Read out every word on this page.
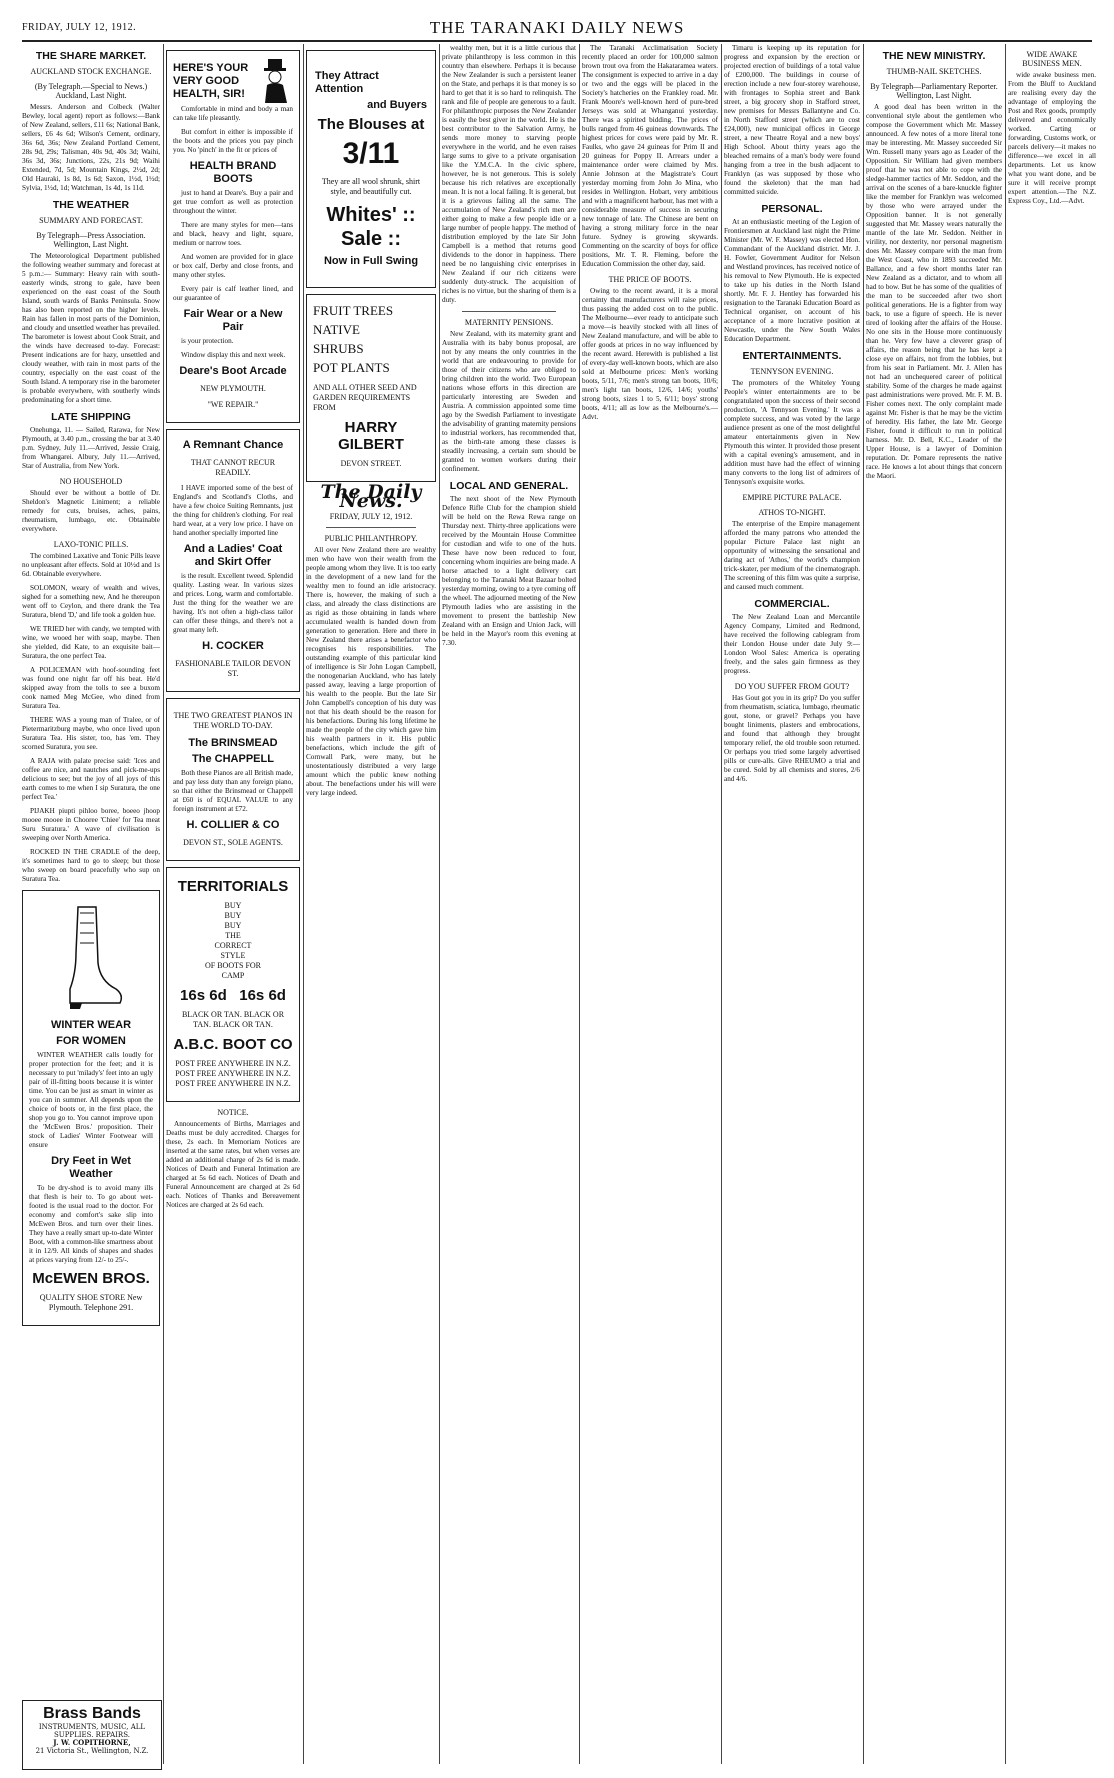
FRIDAY, JULY 12, 1912.	THE TARANAKI DAILY NEWS
THE SHARE MARKET.
AUCKLAND STOCK EXCHANGE.
(By Telegraph.—Special to News.) Auckland, Last Night.

Messrs. Anderson and Colbeck (Walter Bewley, local agent) report as follows:—Bank of New Zealand, sellers, £11 6s; National Bank, sellers, £6 4s 6d; Wilson's Cement, ordinary, 36s 6d, 36s; New Zealand Portland Cement, 28s 9d, 29s; Talisman, 40s 9d, 40s 3d; Waihi, 36s 3d, 36s; Junctions, 22s, 21s 9d; Waihi Extended, 7d, 5d; Mountain Kings, 2½d, 2d; Old Hauraki, 1s 8d, 1s 6d; Saxon, 1½d, 1½d; Sylvia, 1½d, 1d; Watchman, 1s 4d, 1s 11d.

THE WEATHER
SUMMARY AND FORECAST.
By Telegraph—Press Association. Wellington, Last Night.

The Meteorological Department published the following weather summary and forecast at 5 p.m.:— Summary: Heavy rain with south-easterly winds, strong to gale, have been experienced on the east coast of the South Island, south wards of Banks Peninsula. Snow has also been reported on the higher levels. Rain has fallen in most parts of the Dominion, and cloudy and unsettled weather has prevailed. The barometer is lowest about Cook Strait, and the winds have decreased to-day. Forecast: Present indications are for hazy, unsettled and cloudy weather, with rain in most parts of the country, especially on the east coast of the South Island. A temporary rise in the barometer is probable everywhere, with southerly winds predominating for a short time.

LATE SHIPPING

Onehunga, 11. — Sailed, Rarawa, for New Plymouth, at 3.40 p.m., crossing the bar at 3.40 p.m. Sydney, July 11.—Arrived, Jessie Craig, from Whangarei. Albury, July 11.—Arrived, Star of Australia, from New York.

NO HOUSEHOLD

Should ever be without a bottle of Dr. Sheldon's Magnetic Liniment; a reliable remedy for cuts, bruises, aches, pains, rheumatism, lumbago, etc. Obtainable everywhere.

LAXO-TONIC PILLS.

The combined Laxative and Tonic Pills leave no unpleasant after effects. Sold at 10½d and 1s 6d. Obtainable everywhere.

SOLOMON, weary of wealth and wives, sighed for a something new, And he thereupon went off to Ceylon, and there drank the Tea Suratura, blend 'D,' and life took a golden hue.

WE TRIED her with candy, we tempted with wine, we wooed her with soap, maybe. Then she yielded, did Kate, to an exquisite bait—Suratura, the one perfect Tea.

A POLICEMAN with hoof-sounding feet was found one night far off his beat. He'd skipped away from the tolls to see a buxom cook named Meg McGee, who dined from Suratura Tea.

THERE WAS a young man of Tralee, or of Pietermaritzburg maybe, who once lived upon Suratura Tea. His sister, too, has 'em. They scorned Suratura, you see.

A RAJA with palate precise said: 'Ices and coffee are nice, and nautches and pick-me-ups delicious to see; but the joy of all joys of this earth comes to me when I sip Suratura, the one perfect Tea.'

PIJAKH piupti pihloo boree, boeeo jhoop mooee mooee in Chooree 'Chiee' for Tea meat Suru Suratura.' A wave of civilisation is sweeping over North America.

ROCKED IN THE CRADLE of the deep, it's sometimes hard to go to sleep; but those who sweep on board peacefully who sup on Suratura Tea.

WINTER WEAR
FOR WOMEN

WINTER WEATHER calls loudly for proper protection for the feet; and it is necessary to put 'milady's' feet into an ugly pair of ill-fitting boots because it is winter time. You can be just as smart in winter as you can in summer. All depends upon the choice of boots or, in the first place, the shop you go to. You cannot improve upon the 'McEwen Bros.' proposition. Their stock of Ladies' Winter Footwear will ensure

Dry Feet in Wet Weather

To be dry-shod is to avoid many ills that flesh is heir to. To go about wet-footed is the usual road to the doctor. For economy and comfort's sake slip into McEwen Bros. and turn over their lines. They have a really smart up-to-date Winter Boot, with a common-like smartness about it in 12/9. All kinds of shapes and shades at prices varying from 12/- to 25/-.

McEWEN BROS.
QUALITY SHOE STORE New Plymouth. Telephone 291.
Brass Bands
INSTRUMENTS, MUSIC, ALL SUPPLIES. REPAIRS.
J. W. COPITHORNE,
21 Victoria St., Wellington, N.Z.
HERE'S YOUR VERY GOOD HEALTH, SIR!

Comfortable in mind and body a man can take life pleasantly.

But comfort in either is impossible if the boots and the prices you pay pinch you. No 'pinch' in the fit or prices of

HEALTH BRAND BOOTS

just to hand at Deare's. Buy a pair and get true comfort as well as protection throughout the winter.

There are many styles for men—tans and black, heavy and light, square, medium or narrow toes.

And women are provided for in glace or box calf, Derby and close fronts, and many other styles.

Every pair is calf leather lined, and our guarantee of

Fair Wear or a New Pair

is your protection.

Window display this and next week.

Deare's Boot Arcade
NEW PLYMOUTH.
"WE REPAIR."
A Remnant Chance
THAT CANNOT RECUR READILY.

I HAVE imported some of the best of England's and Scotland's Cloths, and have a few choice Suiting Remnants, just the thing for children's clothing. For real hard wear, at a very low price. I have on hand another specially imported line

And a Ladies' Coat and Skirt Offer

is the result. Excellent tweed. Splendid quality. Lasting wear. In various sizes and prices. Long, warm and comfortable. Just the thing for the weather we are having. It's not often a high-class tailor can offer these things, and there's not a great many left.

H. COCKER
FASHIONABLE TAILOR DEVON ST.
THE TWO GREATEST PIANOS IN THE WORLD TO-DAY.
The BRINSMEAD
The CHAPPELL

Both these Pianos are all British made, and pay less duty than any foreign piano, so that either the Brinsmead or Chappell at £60 is of EQUAL VALUE to any foreign instrument at £72.

H. COLLIER & CO
DEVON ST., SOLE AGENTS.
TERRITORIALS
BUY
BUY
BUY
THE
CORRECT
STYLE
OF BOOTS FOR
CAMP
16s 6d 16s 6d
BLACK OR TAN. BLACK OR TAN. BLACK OR TAN.
A.B.C. BOOT CO
POST FREE ANYWHERE IN N.Z. POST FREE ANYWHERE IN N.Z. POST FREE ANYWHERE IN N.Z.
NOTICE.

Announcements of Births, Marriages and Deaths must be duly accredited. Charges for these, 2s each. In Memoriam Notices are inserted at the same rates, but when verses are added an additional charge of 2s 6d is made. Notices of Death and Funeral Intimation are charged at 5s 6d each. Notices of Death and Funeral Announcement are charged at 2s 6d each. Notices of Thanks and Bereavement Notices are charged at 2s 6d each.

They Attract Attention
and Buyers
The Blouses at
3/11
They are all wool shrunk, shirt style, and beautifully cut.
Whites' :: Sale ::
Now in Full Swing
FRUIT TREES
NATIVE
SHRUBS
POT PLANTS
AND ALL OTHER SEED AND GARDEN REQUIREMENTS FROM
HARRY GILBERT
DEVON STREET.
The Daily News.
FRIDAY, JULY 12, 1912.
PUBLIC PHILANTHROPY.

All over New Zealand there are wealthy men who have won their wealth from the people among whom they live. It is too early in the development of a new land for the wealthy men to found an idle aristocracy. There is, however, the making of such a class, and already the class distinctions are as rigid as those obtaining in lands where accumulated wealth is handed down from generation to generation. Here and there in New Zealand there arises a benefactor who recognises his responsibilities. The outstanding example of this particular kind of intelligence is Sir John Logan Campbell, the nonogenarian Auckland, who has lately passed away, leaving a large proportion of his wealth to the people. But the late Sir John Campbell's conception of his duty was not that his death should be the reason for his benefactions. During his long lifetime he made the people of the city which gave him his wealth partners in it. His public benefactions, which include the gift of Cornwall Park, were many, but he unostentatiously distributed a very large amount which the public knew nothing about. The benefactions under his will were very large indeed.

wealthy men, but it is a little curious that private philanthropy is less common in this country than elsewhere. Perhaps it is because the New Zealander is such a persistent leaner on the State, and perhaps it is that money is so hard to get that it is so hard to relinquish. The rank and file of people are generous to a fault. For philanthropic purposes the New Zealander is easily the best giver in the world. He is the best contributor to the Salvation Army, he sends more money to starving people everywhere in the world, and he even raises large sums to give to a private organisation like the Y.M.C.A. In the civic sphere, however, he is not generous. This is solely because his rich relatives are exceptionally mean. It is not a local failing. It is general, but it is a grievous failing all the same. The accumulation of New Zealand's rich men are either going to make a few people idle or a large number of people happy. The method of distribution employed by the late Sir John Campbell is a method that returns good dividends to the donor in happiness. There need be no languishing civic enterprises in New Zealand if our rich citizens were suddenly duty-struck. The acquisition of riches is no virtue, but the sharing of them is a duty.

MATERNITY PENSIONS.

New Zealand, with its maternity grant and Australia with its baby bonus proposal, are not by any means the only countries in the world that are endeavouring to provide for those of their citizens who are obliged to bring children into the world. Two European nations whose efforts in this direction are particularly interesting are Sweden and Austria. A commission appointed some time ago by the Swedish Parliament to investigate the advisability of granting maternity pensions to industrial workers, has recommended that, as the birth-rate among these classes is steadily increasing, a certain sum should be granted to women workers during their confinement.

LOCAL AND GENERAL.

The next shoot of the New Plymouth Defence Rifle Club for the champion shield will be held on the Rewa Rewa range on Thursday next. Thirty-three applications were received by the Mountain House Committee for custodian and wife to one of the huts. These have now been reduced to four, concerning whom inquiries are being made. A horse attached to a light delivery cart belonging to the Taranaki Meat Bazaar bolted yesterday morning, owing to a tyre coming off the wheel. The adjourned meeting of the New Plymouth ladies who are assisting in the movement to present the battleship New Zealand with an Ensign and Union Jack, will be held in the Mayor's room this evening at 7.30.

The Taranaki Acclimatisation Society recently placed an order for 100,000 salmon brown trout ova from the Hakataramea waters. The consignment is expected to arrive in a day or two and the eggs will be placed in the Society's hatcheries on the Frankley road. Mr. Frank Moore's well-known herd of pure-bred Jerseys was sold at Whanganui yesterday. There was a spirited bidding. The prices of bulls ranged from 46 guineas downwards. The highest prices for cows were paid by Mr. R. Faulks, who gave 24 guineas for Prim II and 20 guineas for Poppy II. Arrears under a maintenance order were claimed by Mrs. Annie Johnson at the Magistrate's Court yesterday morning from John Jo Mina, who resides in Wellington. Hobart, very ambitious and with a magnificent harbour, has met with a considerable measure of success in securing new tonnage of late. The Chinese are bent on having a strong military force in the near future. Sydney is growing skywards. Commenting on the scarcity of boys for office positions, Mr. T. R. Fleming, before the Education Commission the other day, said.

THE PRICE OF BOOTS.

Owing to the recent award, it is a moral certainty that manufacturers will raise prices, thus passing the added cost on to the public. The Melbourne—ever ready to anticipate such a move—is heavily stocked with all lines of New Zealand manufacture, and will be able to offer goods at prices in no way influenced by the recent award. Herewith is published a list of every-day well-known boots, which are also sold at Melbourne prices: Men's working boots, 5/11, 7/6; men's strong tan boots, 10/6; men's light tan boots, 12/6, 14/6; youths' strong boots, sizes 1 to 5, 6/11; boys' strong boots, 4/11; all as low as the Melbourne's.—Advt.

Timaru is keeping up its reputation for progress and expansion by the erection or projected erection of buildings of a total value of £200,000. The buildings in course of erection include a new four-storey warehouse, with frontages to Sophia street and Bank street, a big grocery shop in Stafford street, new premises for Messrs Ballantyne and Co. in North Stafford street (which are to cost £24,000), new municipal offices in George street, a new Theatre Royal and a new boys' High School. About thirty years ago the bleached remains of a man's body were found hanging from a tree in the bush adjacent to Franklyn (as was supposed by those who found the skeleton) that the man had committed suicide.

PERSONAL.

At an enthusiastic meeting of the Legion of Frontiersmen at Auckland last night the Prime Minister (Mr. W. F. Massey) was elected Hon. Commandant of the Auckland district. Mr. J. H. Fowler, Government Auditor for Nelson and Westland provinces, has received notice of his removal to New Plymouth. He is expected to take up his duties in the North Island shortly. Mr. F. J. Hentley has forwarded his resignation to the Taranaki Education Board as Technical organiser, on account of his acceptance of a more lucrative position at Newcastle, under the New South Wales Education Department.

ENTERTAINMENTS.
TENNYSON EVENING.

The promoters of the Whiteley Young People's winter entertainments are to be congratulated upon the success of their second production, 'A Tennyson Evening.' It was a complete success, and was voted by the large audience present as one of the most delightful amateur entertainments given in New Plymouth this winter. It provided those present with a capital evening's amusement, and in addition must have had the effect of winning many converts to the long list of admirers of Tennyson's exquisite works.

EMPIRE PICTURE PALACE.
ATHOS TO-NIGHT.

The enterprise of the Empire management afforded the many patrons who attended the popular Picture Palace last night an opportunity of witnessing the sensational and daring act of 'Athos,' the world's champion trick-skater, per medium of the cinematograph. The screening of this film was quite a surprise, and caused much comment.

COMMERCIAL.

The New Zealand Loan and Mercantile Agency Company, Limited and Redmond, have received the following cablegram from their London House under date July 9:—London Wool Sales: America is operating freely, and the sales gain firmness as they progress.

DO YOU SUFFER FROM GOUT?

Has Gout got you in its grip? Do you suffer from rheumatism, sciatica, lumbago, rheumatic gout, stone, or gravel? Perhaps you have bought liniments, plasters and embrocations, and found that although they brought temporary relief, the old trouble soon returned. Or perhaps you tried some largely advertised pills or cure-alls. Give RHEUMO a trial and be cured. Sold by all chemists and stores, 2/6 and 4/6.

THE NEW MINISTRY.
THUMB-NAIL SKETCHES.
By Telegraph—Parliamentary Reporter. Wellington, Last Night.

A good deal has been written in the conventional style about the gentlemen who compose the Government which Mr. Massey announced. A few notes of a more literal tone may be interesting. Mr. Massey succeeded Sir Wm. Russell many years ago as Leader of the Opposition. Sir William had given members proof that he was not able to cope with the sledge-hammer tactics of Mr. Seddon, and the arrival on the scenes of a bare-knuckle fighter like the member for Franklyn was welcomed by those who were arrayed under the Opposition banner. It is not generally suggested that Mr. Massey wears naturally the mantle of the late Mr. Seddon. Neither in virility, nor dexterity, nor personal magnetism does Mr. Massey compare with the man from the West Coast, who in 1893 succeeded Mr. Ballance, and a few short months later ran New Zealand as a dictator, and to whom all had to bow. But he has some of the qualities of the man to be succeeded after two short political generations. He is a fighter from way back, to use a figure of speech. He is never tired of looking after the affairs of the House. No one sits in the House more continuously than he. Very few have a cleverer grasp of affairs, the reason being that he has kept a close eye on affairs, not from the lobbies, but from his seat in Parliament. Mr. J. Allen has not had an unchequered career of political stability. Some of the charges he made against past administrations were proved. Mr. F. M. B. Fisher comes next. The only complaint made against Mr. Fisher is that he may be the victim of heredity. His father, the late Mr. George Fisher, found it difficult to run in political harness. Mr. D. Bell, K.C., Leader of the Upper House, is a lawyer of Dominion reputation. Dr. Pomare represents the native race. He knows a lot about things that concern the Maori.

WIDE AWAKE BUSINESS MEN.

wide awake business men. From the Bluff to Auckland are realising every day the advantage of employing the Post and Rex goods, promptly delivered and economically worked. Carting or forwarding, Customs work, or parcels delivery—it makes no difference—we excel in all departments. Let us know what you want done, and be sure it will receive prompt expert attention.—The N.Z. Express Coy., Ltd.—Advt.
